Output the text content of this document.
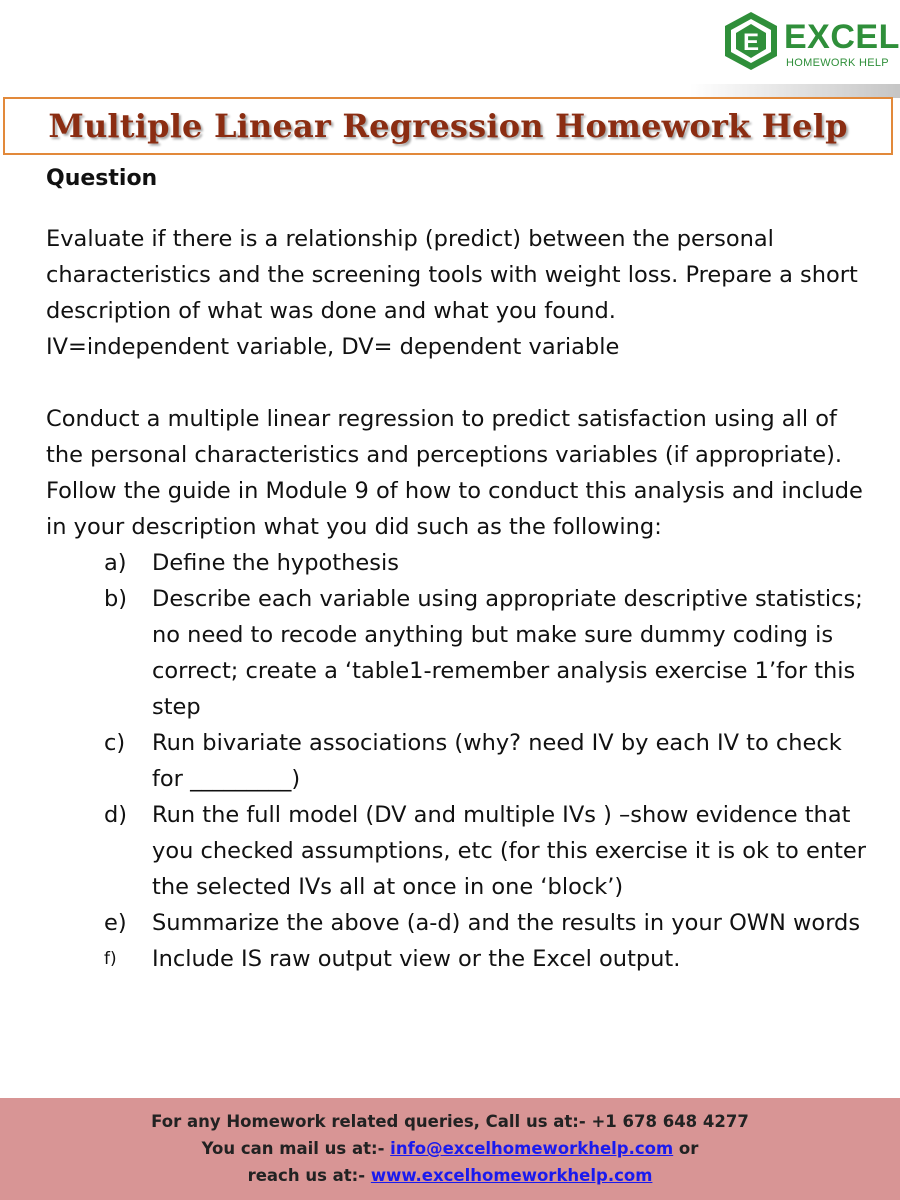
E EXCEL
HOMEWORK HELP
Multiple Linear Regression Homework Help
Question

Evaluate if there is a relationship (predict) between the personal characteristics and the screening tools with weight loss. Prepare a short description of what was done and what you found.

IV=independent variable, DV= dependent variable

Conduct a multiple linear regression to predict satisfaction using all of the personal characteristics and perceptions variables (if appropriate).

Follow the guide in Module 9 of how to conduct this analysis and include in your description what you did such as the following:

a) Define the hypothesis
b) Describe each variable using appropriate descriptive statistics; no need to recode anything but make sure dummy coding is correct; create a ‘table1-remember analysis exercise 1’for this step
c) Run bivariate associations (why? need IV by each IV to check for _________)
d) Run the full model (DV and multiple IVs ) –show evidence that you checked assumptions, etc (for this exercise it is ok to enter the selected IVs all at once in one ‘block’)
e) Summarize the above (a-d) and the results in your OWN words
f) Include IS raw output view or the Excel output.
For any Homework related queries, Call us at:- +1 678 648 4277
You can mail us at:- info@excelhomeworkhelp.com or
reach us at:- www.excelhomeworkhelp.com
